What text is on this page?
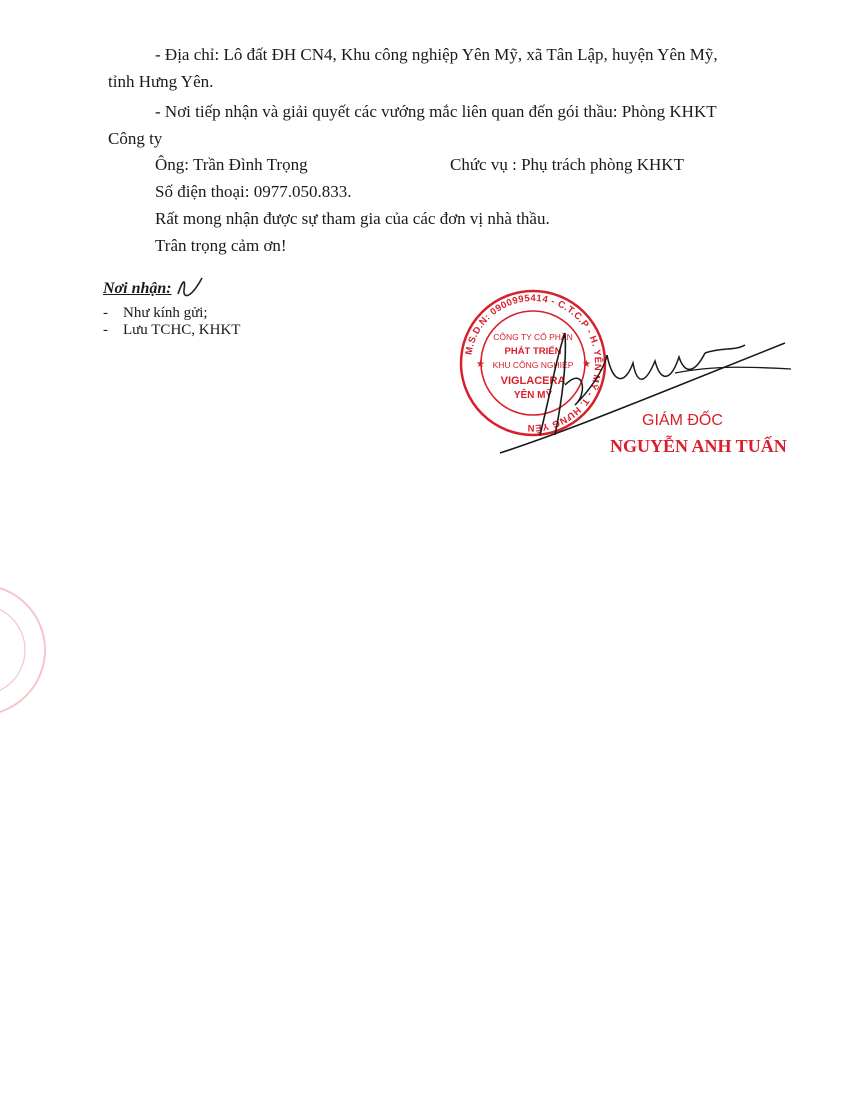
- Địa chỉ: Lô đất ĐH CN4, Khu công nghiệp Yên Mỹ, xã Tân Lập, huyện Yên Mỹ,
tỉnh Hưng Yên.
- Nơi tiếp nhận và giải quyết các vướng mắc liên quan đến gói thầu: Phòng KHKT
Công ty
Ông: Trần Đình Trọng	Chức vụ : Phụ trách phòng KHKT
Số điện thoại: 0977.050.833.
Rất mong nhận được sự tham gia của các đơn vị nhà thầu.
Trân trọng cảm ơn!
Nơi nhận:
-    Như kính gửi;
-    Lưu TCHC, KHKT
M.S.D.N: 0900995414 - C.T.C.P - H. YÊN MỸ - T. HƯNG YÊN
★	★
CÔNG TY CỔ PHẦN
PHÁT TRIỂN
KHU CÔNG NGHIỆP
VIGLACERA
YÊN MỸ
GIÁM ĐỐC
NGUYỄN ANH TUẤN
